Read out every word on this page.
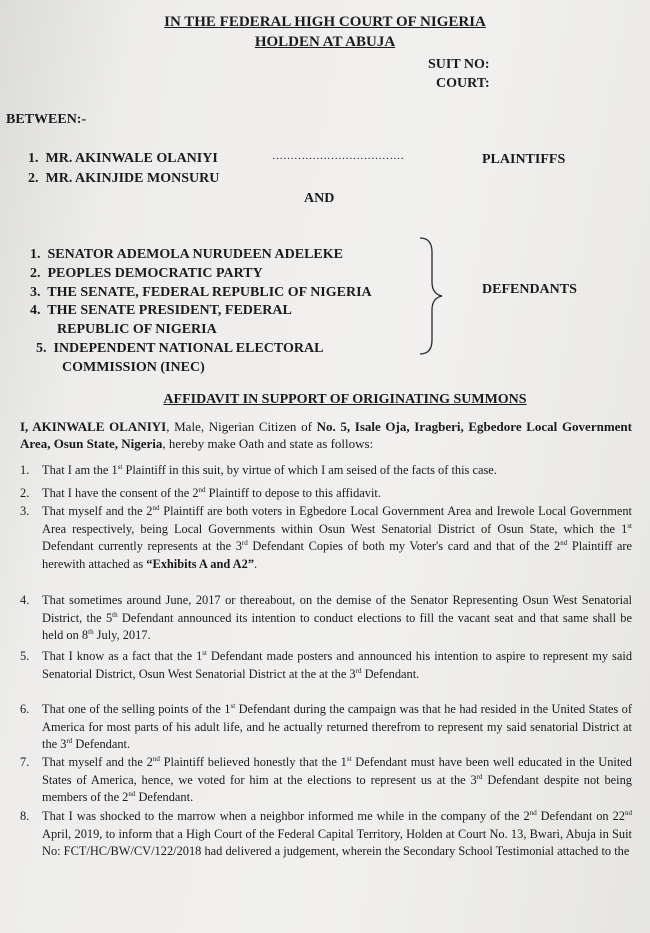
IN THE FEDERAL HIGH COURT OF NIGERIA
HOLDEN AT ABUJA
SUIT NO:
COURT:
BETWEEN:-
1. MR. AKINWALE OLANIYI
2. MR. AKINJIDE MONSURU
………………………………	PLAINTIFFS
AND
1. SENATOR ADEMOLA NURUDEEN ADELEKE
2. PEOPLES DEMOCRATIC PARTY
3. THE SENATE, FEDERAL REPUBLIC OF NIGERIA
4. THE SENATE PRESIDENT, FEDERAL
REPUBLIC OF NIGERIA
5. INDEPENDENT NATIONAL ELECTORAL
COMMISSION (INEC)
DEFENDANTS
AFFIDAVIT IN SUPPORT OF ORIGINATING SUMMONS
I, AKINWALE OLANIYI, Male, Nigerian Citizen of No. 5, Isale Oja, Iragberi, Egbedore Local Government Area, Osun State, Nigeria, hereby make Oath and state as follows:
1. That I am the 1st Plaintiff in this suit, by virtue of which I am seised of the facts of this case.
2. That I have the consent of the 2nd Plaintiff to depose to this affidavit.
3. That myself and the 2nd Plaintiff are both voters in Egbedore Local Government Area and Irewole Local Government Area respectively, being Local Governments within Osun West Senatorial District of Osun State, which the 1st Defendant currently represents at the 3rd Defendant Copies of both my Voter's card and that of the 2nd Plaintiff are herewith attached as “Exhibits A and A2”.
4. That sometimes around June, 2017 or thereabout, on the demise of the Senator Representing Osun West Senatorial District, the 5th Defendant announced its intention to conduct elections to fill the vacant seat and that same shall be held on 8th July, 2017.
5. That I know as a fact that the 1st Defendant made posters and announced his intention to aspire to represent my said Senatorial District, Osun West Senatorial District at the at the 3rd Defendant.
6. That one of the selling points of the 1st Defendant during the campaign was that he had resided in the United States of America for most parts of his adult life, and he actually returned therefrom to represent my said senatorial District at the 3rd Defendant.
7. That myself and the 2nd Plaintiff believed honestly that the 1st Defendant must have been well educated in the United States of America, hence, we voted for him at the elections to represent us at the 3rd Defendant despite not being members of the 2nd Defendant.
8. That I was shocked to the marrow when a neighbor informed me while in the company of the 2nd Defendant on 22nd April, 2019, to inform that a High Court of the Federal Capital Territory, Holden at Court No. 13, Bwari, Abuja in Suit No: FCT/HC/BW/CV/122/2018 had delivered a judgement, wherein the Secondary School Testimonial attached to the
